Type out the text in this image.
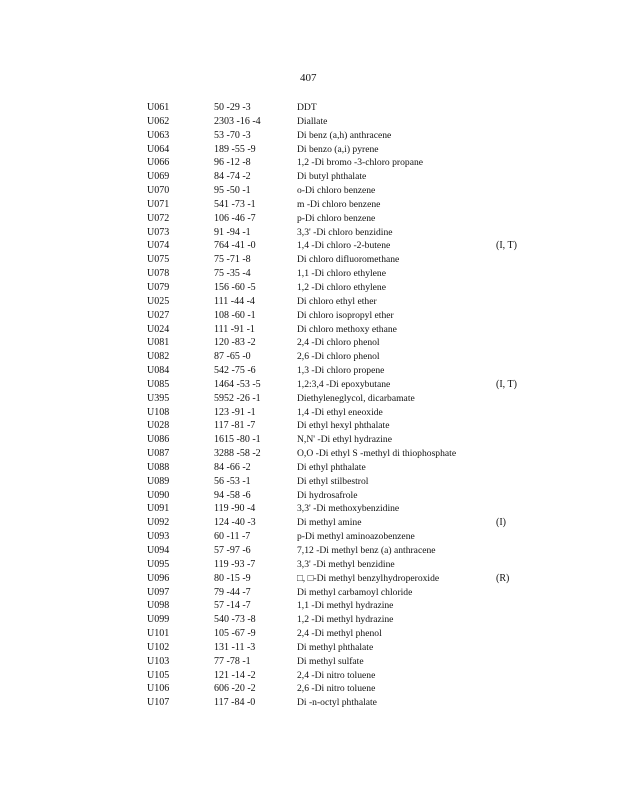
407
U061	50 -29 -3	DDT
U062	2303 -16 -4	Diallate
U063	53 -70 -3	Di benz (a,h) anthracene
U064	189 -55 -9	Di benzo (a,i) pyrene
U066	96 -12 -8	1,2 -Di bromo -3-chloro propane
U069	84 -74 -2	Di butyl phthalate
U070	95 -50 -1	o-Di chloro benzene
U071	541 -73 -1	m -Di chloro benzene
U072	106 -46 -7	p-Di chloro benzene
U073	91 -94 -1	3,3' -Di chloro benzidine
U074	764 -41 -0	1,4 -Di chloro -2-butene	(I, T)
U075	75 -71 -8	Di chloro difluoromethane
U078	75 -35 -4	1,1 -Di chloro ethylene
U079	156 -60 -5	1,2 -Di chloro ethylene
U025	111 -44 -4	Di chloro ethyl ether
U027	108 -60 -1	Di chloro isopropyl ether
U024	111 -91 -1	Di chloro methoxy ethane
U081	120 -83 -2	2,4 -Di chloro phenol
U082	87 -65 -0	2,6 -Di chloro phenol
U084	542 -75 -6	1,3 -Di chloro propene
U085	1464 -53 -5	1,2:3,4 -Di epoxybutane	(I, T)
U395	5952 -26 -1	Diethyleneglycol, dicarbamate
U108	123 -91 -1	1,4 -Di ethyl eneoxide
U028	117 -81 -7	Di ethyl hexyl phthalate
U086	1615 -80 -1	N,N' -Di ethyl hydrazine
U087	3288 -58 -2	O,O -Di ethyl S -methyl di thiophosphate
U088	84 -66 -2	Di ethyl phthalate
U089	56 -53 -1	Di ethyl stilbestrol
U090	94 -58 -6	Di hydrosafrole
U091	119 -90 -4	3,3' -Di methoxybenzidine
U092	124 -40 -3	Di methyl amine	(I)
U093	60 -11 -7	p-Di methyl aminoazobenzene
U094	57 -97 -6	7,12 -Di methyl benz (a) anthracene
U095	119 -93 -7	3,3' -Di methyl benzidine
U096	80 -15 -9	□, □-Di methyl benzylhydroperoxide	(R)
U097	79 -44 -7	Di methyl carbamoyl chloride
U098	57 -14 -7	1,1 -Di methyl hydrazine
U099	540 -73 -8	1,2 -Di methyl hydrazine
U101	105 -67 -9	2,4 -Di methyl phenol
U102	131 -11 -3	Di methyl phthalate
U103	77 -78 -1	Di methyl sulfate
U105	121 -14 -2	2,4 -Di nitro toluene
U106	606 -20 -2	2,6 -Di nitro toluene
U107	117 -84 -0	Di -n-octyl phthalate
